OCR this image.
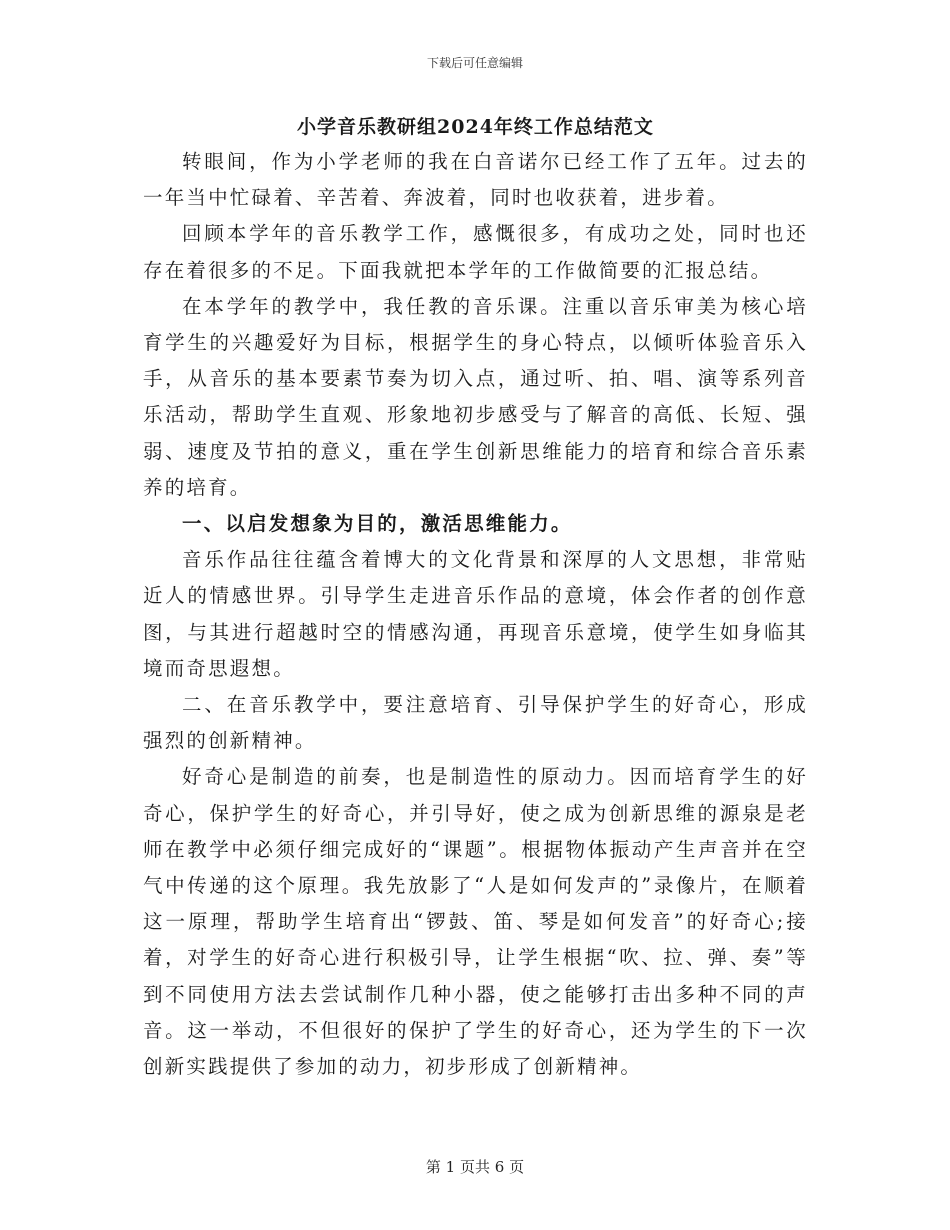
下载后可任意编辑
小学音乐教研组2024年终工作总结范文

转眼间，作为小学老师的我在白音诺尔已经工作了五年。过去的一年当中忙碌着、辛苦着、奔波着，同时也收获着，进步着。

回顾本学年的音乐教学工作，感慨很多，有成功之处，同时也还存在着很多的不足。下面我就把本学年的工作做简要的汇报总结。

在本学年的教学中，我任教的音乐课。注重以音乐审美为核心培育学生的兴趣爱好为目标，根据学生的身心特点，以倾听体验音乐入手，从音乐的基本要素节奏为切入点，通过听、拍、唱、演等系列音乐活动，帮助学生直观、形象地初步感受与了解音的高低、长短、强弱、速度及节拍的意义，重在学生创新思维能力的培育和综合音乐素养的培育。

一、以启发想象为目的，激活思维能力。

音乐作品往往蕴含着博大的文化背景和深厚的人文思想，非常贴近人的情感世界。引导学生走进音乐作品的意境，体会作者的创作意图，与其进行超越时空的情感沟通，再现音乐意境，使学生如身临其境而奇思遐想。

二、在音乐教学中，要注意培育、引导保护学生的好奇心，形成强烈的创新精神。

好奇心是制造的前奏，也是制造性的原动力。因而培育学生的好奇心，保护学生的好奇心，并引导好，使之成为创新思维的源泉是老师在教学中必须仔细完成好的“课题”。根据物体振动产生声音并在空气中传递的这个原理。我先放影了“人是如何发声的”录像片，在顺着这一原理，帮助学生培育出“锣鼓、笛、琴是如何发音”的好奇心;接着，对学生的好奇心进行积极引导，让学生根据“吹、拉、弹、奏”等到不同使用方法去尝试制作几种小器，使之能够打击出多种不同的声音。这一举动，不但很好的保护了学生的好奇心，还为学生的下一次创新实践提供了参加的动力，初步形成了创新精神。

第 1 页共 6 页
